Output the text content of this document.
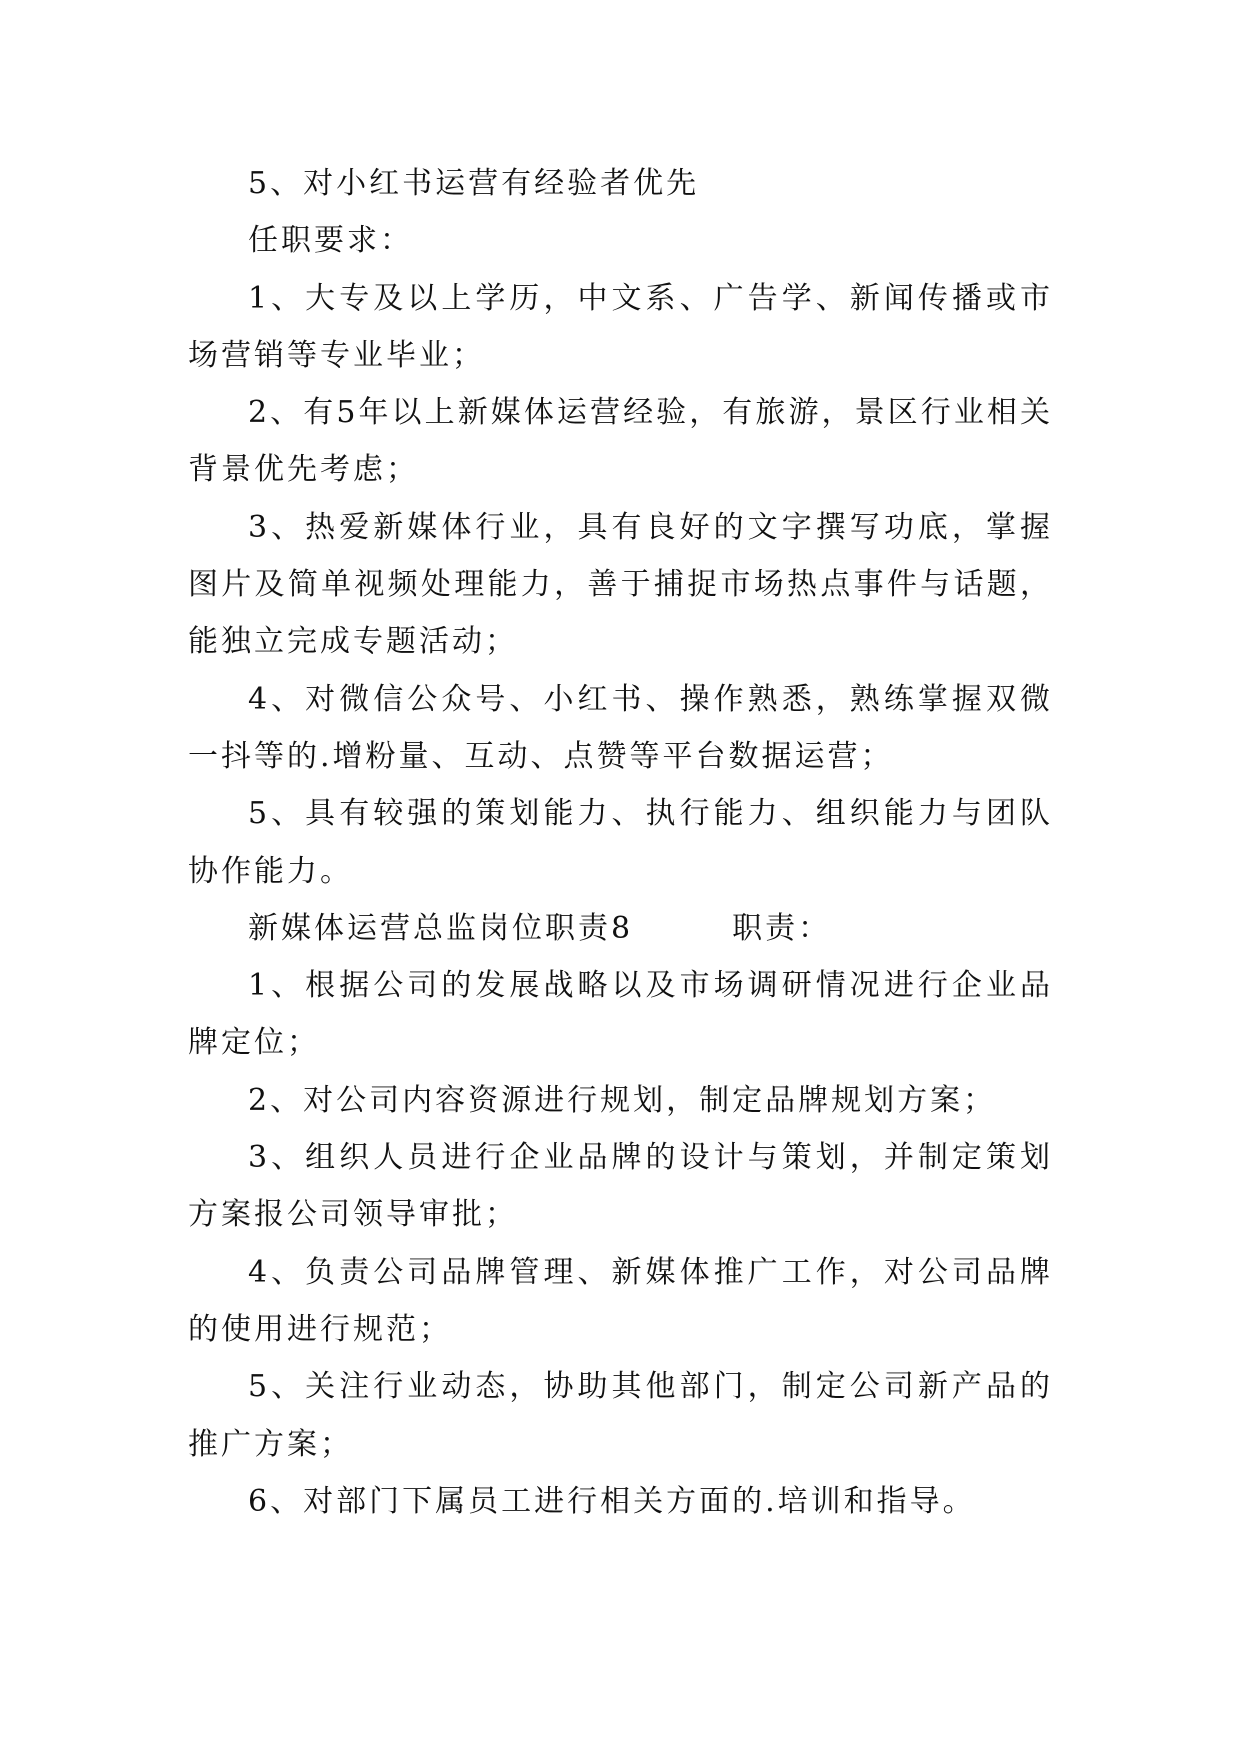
5、对小红书运营有经验者优先

任职要求：

1、大专及以上学历，中文系、广告学、新闻传播或市场营销等专业毕业；

2、有5年以上新媒体运营经验，有旅游，景区行业相关背景优先考虑；

3、热爱新媒体行业，具有良好的文字撰写功底，掌握图片及简单视频处理能力，善于捕捉市场热点事件与话题，能独立完成专题活动；

4、对微信公众号、小红书、操作熟悉，熟练掌握双微一抖等的.增粉量、互动、点赞等平台数据运营；

5、具有较强的策划能力、执行能力、组织能力与团队协作能力。

新媒体运营总监岗位职责8　　　职责：

1、根据公司的发展战略以及市场调研情况进行企业品牌定位；

2、对公司内容资源进行规划，制定品牌规划方案；

3、组织人员进行企业品牌的设计与策划，并制定策划方案报公司领导审批；

4、负责公司品牌管理、新媒体推广工作，对公司品牌的使用进行规范；

5、关注行业动态，协助其他部门，制定公司新产品的推广方案；

6、对部门下属员工进行相关方面的.培训和指导。
